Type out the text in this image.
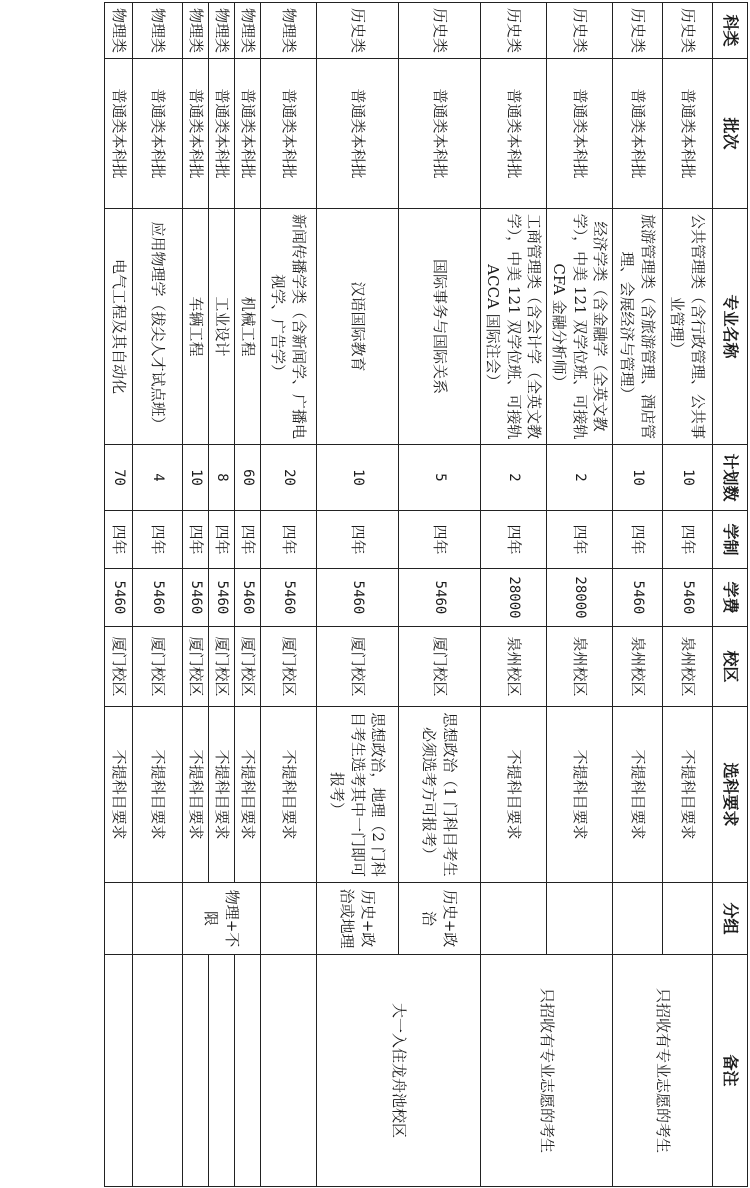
科类	批次	专业名称	计划数	学制	学费	校区	选科要求	分组	备注
历史类	普通类本科批	公共管理类（含行政管理、公共事业管理）	10	四年	5460	泉州校区	不提科目要求		只招收有专业志愿的考生
历史类	普通类本科批	旅游管理类（含旅游管理、酒店管理、会展经济与管理）	10	四年	5460	泉州校区	不提科目要求		
历史类	普通类本科批	经济学类（含金融学（全英文教学），中美 121 双学位班、可接轨 CFA 金融分析师）	2	四年	28000	泉州校区	不提科目要求		只招收有专业志愿的考生
历史类	普通类本科批	工商管理类（含会计学（全英文教学），中美 121 双学位班、可接轨 ACCA 国际注会）	2	四年	28000	泉州校区	不提科目要求		
历史类	普通类本科批	国际事务与国际关系	5	四年	5460	厦门校区	思想政治（1 门科目考生必须选考方可报考）	历史+政治	大一入住龙舟池校区
历史类	普通类本科批	汉语国际教育	10	四年	5460	厦门校区	思想政治，地理（2 门科目考生选考其中一门即可报考）	历史+政治或地理	
物理类	普通类本科批	新闻传播学类（含新闻学、广播电视学、广告学）	20	四年	5460	厦门校区	不提科目要求		
物理类	普通类本科批	机械工程	60	四年	5460	厦门校区	不提科目要求	物理+不限	
物理类	普通类本科批	工业设计	8	四年	5460	厦门校区	不提科目要求		
物理类	普通类本科批	车辆工程	10	四年	5460	厦门校区	不提科目要求		
物理类	普通类本科批	应用物理学（拔尖人才试点班）	4	四年	5460	厦门校区	不提科目要求		
物理类	普通类本科批	电气工程及其自动化	70	四年	5460	厦门校区	不提科目要求		
